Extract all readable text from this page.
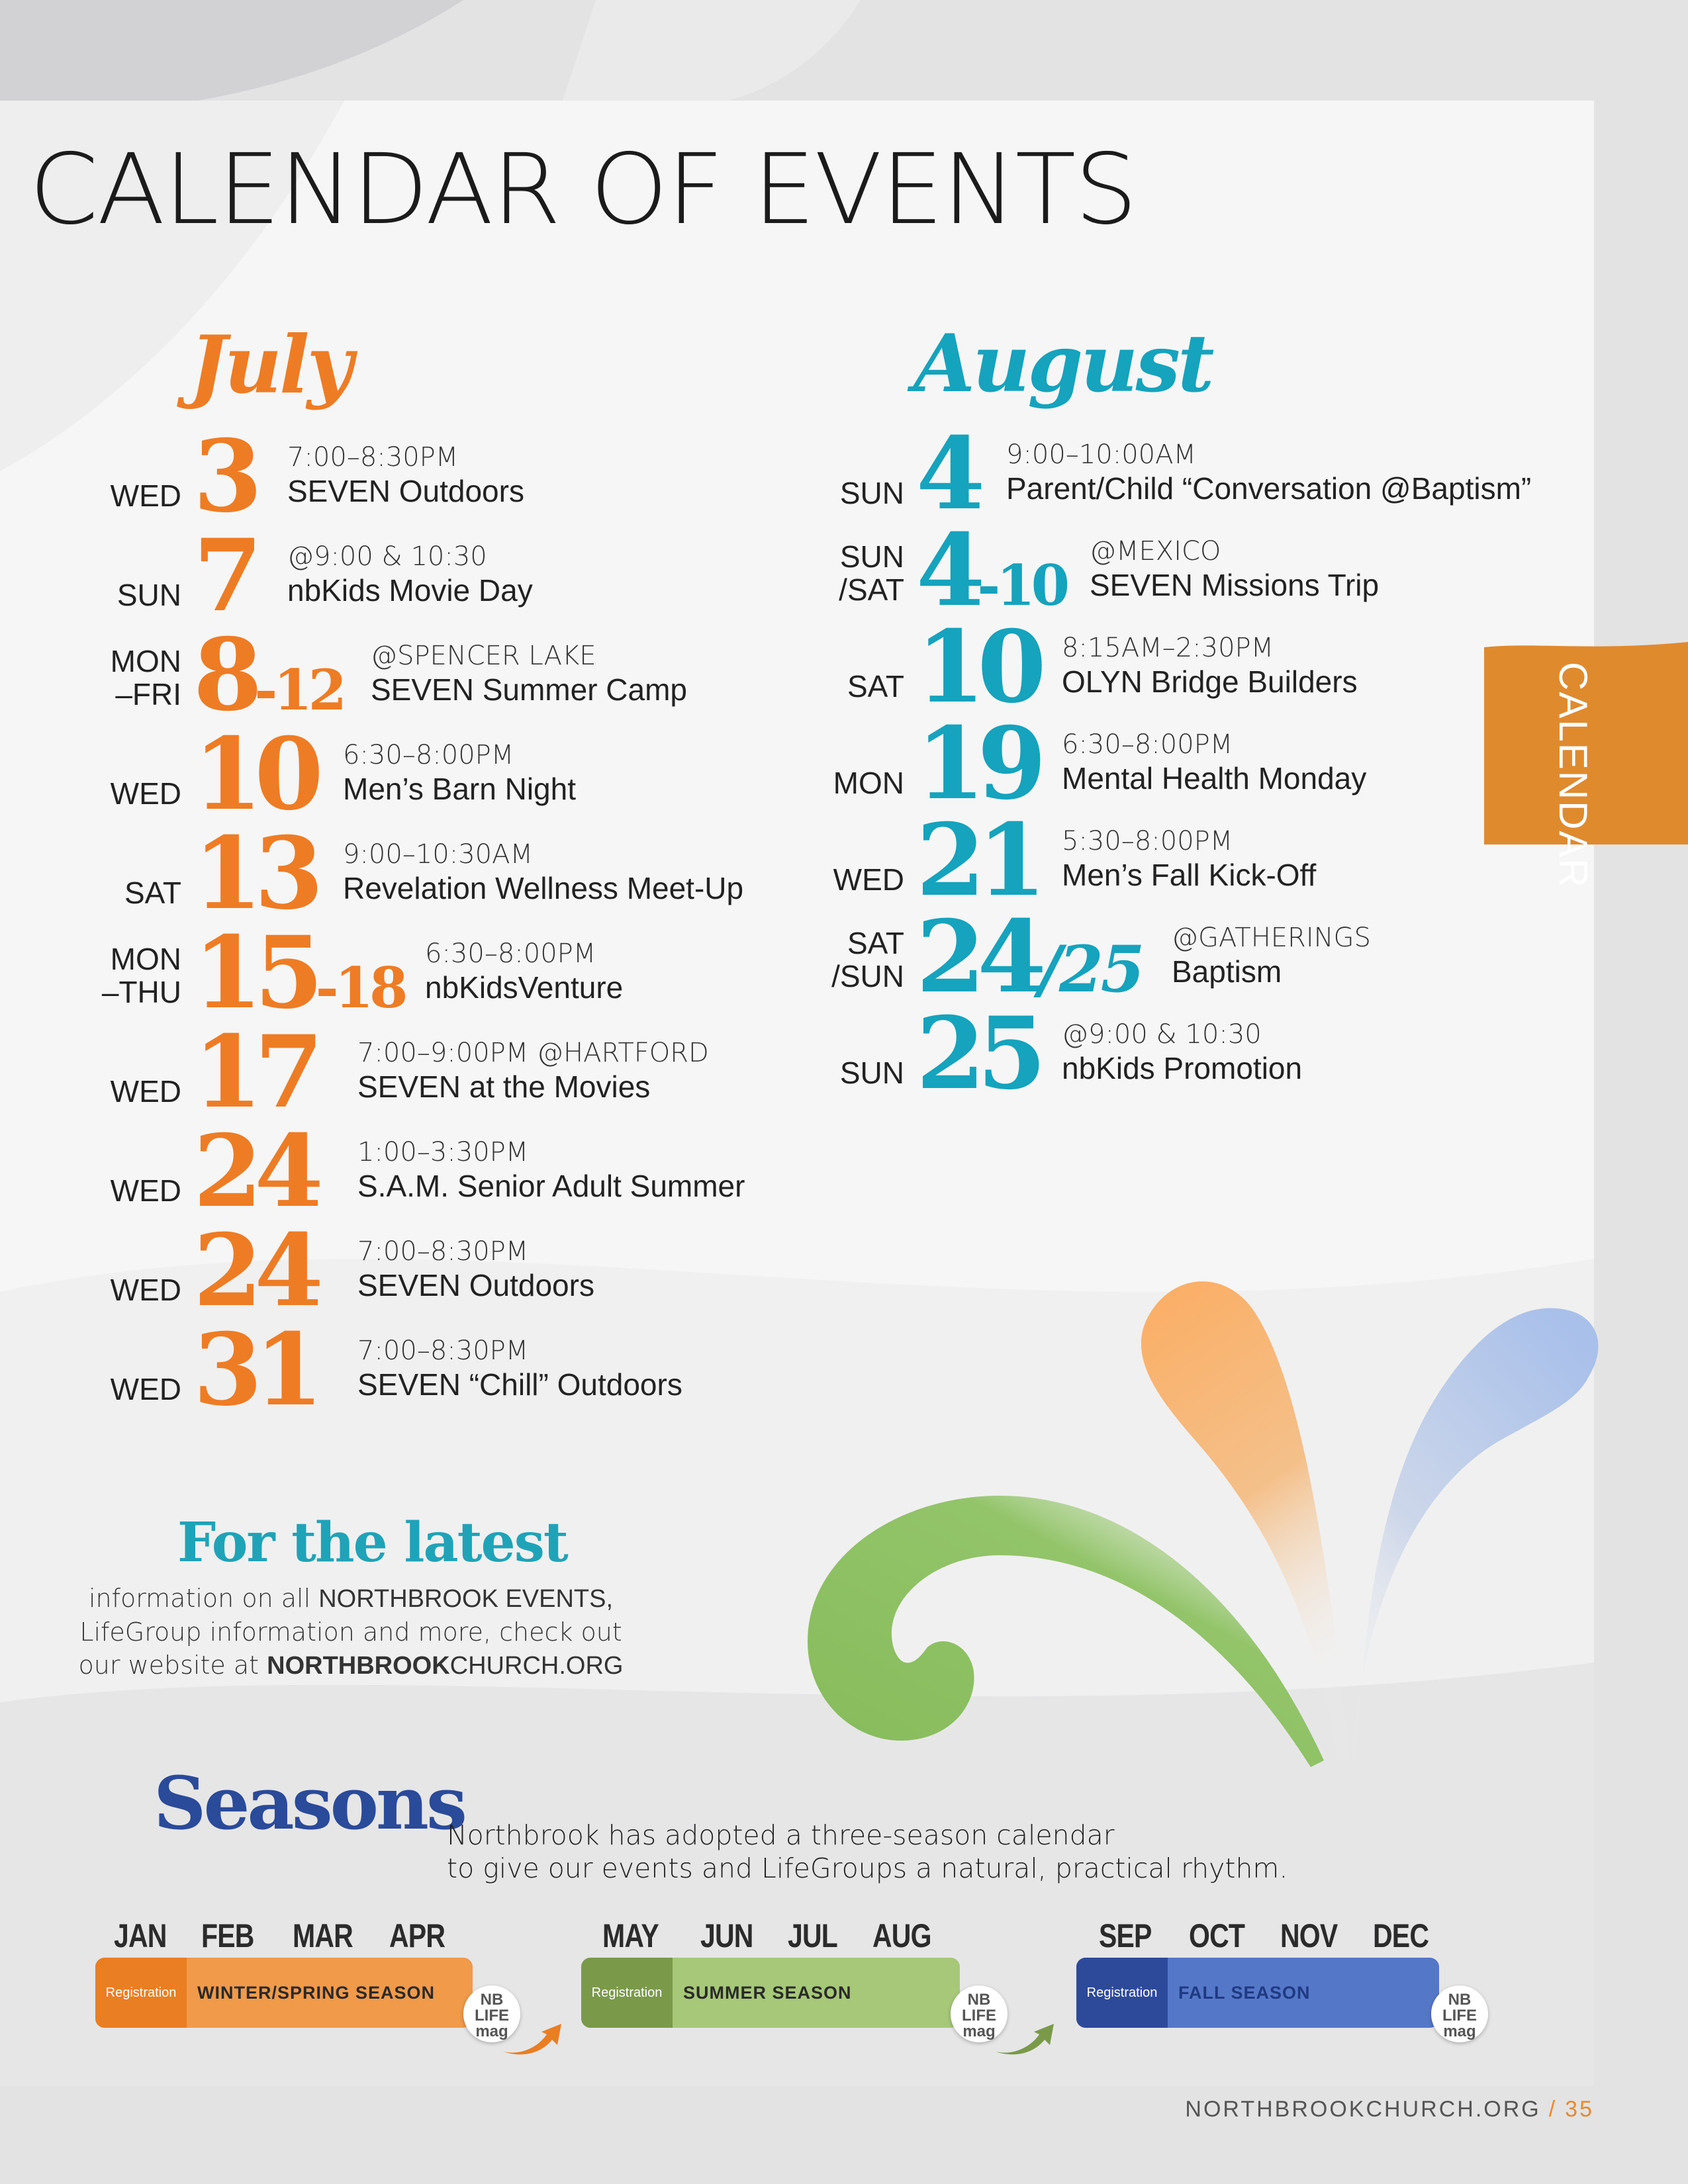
CALENDAR OF EVENTS
July
WED 3 7:00–8:30PM
SEVEN Outdoors
SUN 7 @9:00 & 10:30
nbKids Movie Day
MON
–FRI 8-12
@SPENCER LAKE
SEVEN Summer Camp
WED 10 6:30–8:00PM
Men’s Barn Night
SAT 13 9:00–10:30AM
Revelation Wellness Meet-Up
MON
–THU 15-18
6:30–8:00PM
nbKidsVenture
WED 17 7:00–9:00PM @HARTFORD
SEVEN at the Movies
WED 24 1:00–3:30PM
S.A.M. Senior Adult Summer
WED 24 7:00–8:30PM
SEVEN Outdoors
WED 31 7:00–8:30PM
SEVEN “Chill” Outdoors
August
SUN 4 9:00–10:00AM
Parent/Child “Conversation @Baptism”
SUN
/SAT 4-10
@MEXICO
SEVEN Missions Trip
SAT 10 8:15AM–2:30PM
OLYN Bridge Builders
MON 19 6:30–8:00PM
Mental Health Monday
WED 21 5:30–8:00PM
Men’s Fall Kick-Off
SAT
/SUN 24/25 @GATHERINGS
Baptism
SUN 25 @9:00 & 10:30
nbKids Promotion
CALENDAR
For the latest
information on all NORTHBROOK EVENTS,
LifeGroup information and more, check out
our website at NORTHBROOKCHURCH.ORG
Seasons
Northbrook has adopted a three-season calendar
to give our events and LifeGroups a natural, practical rhythm.
JAN FEB MAR APR	MAY JUN JUL AUG	SEP OCT NOV DEC
Registration	WINTER/SPRING SEASON	Registration	SUMMER SEASON	Registration	FALL SEASON
NB
LIFE
mag
NB
LIFE
mag
NB
LIFE
mag
NORTHBROOKCHURCH.ORG / 35
